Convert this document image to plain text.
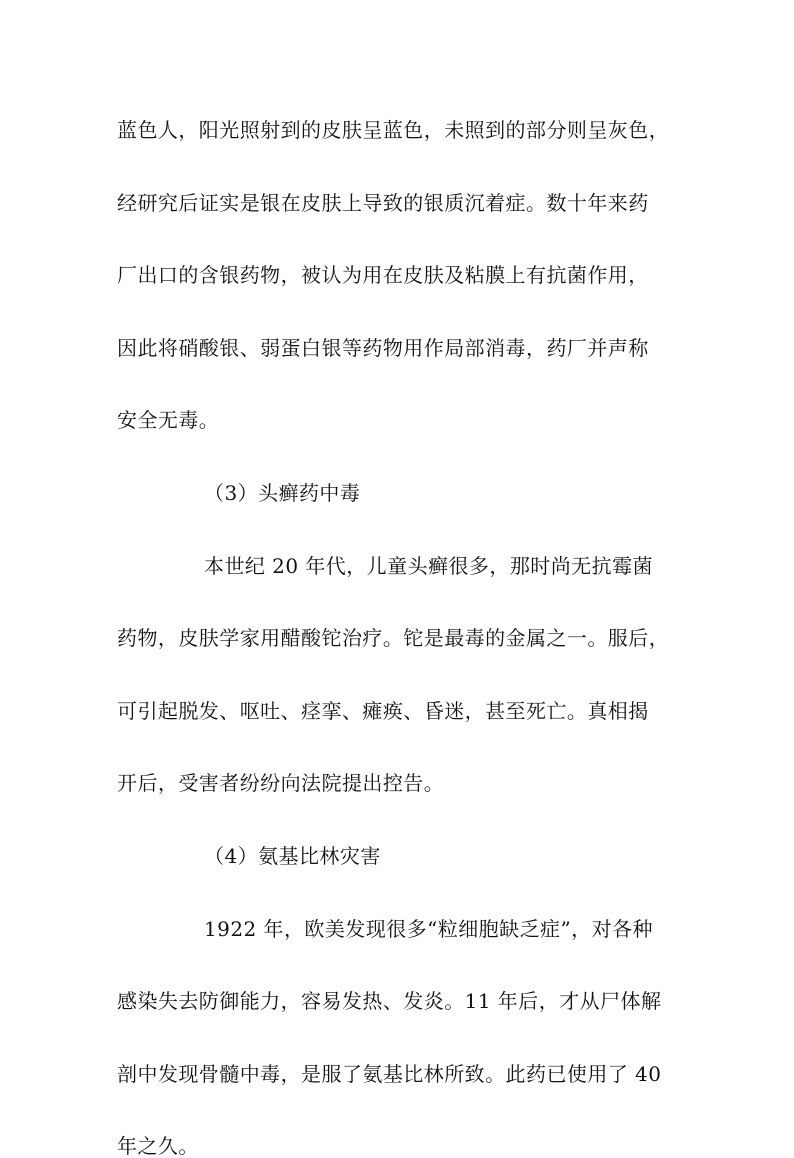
蓝色人，阳光照射到的皮肤呈蓝色，未照到的部分则呈灰色，

经研究后证实是银在皮肤上导致的银质沉着症。数十年来药

厂出口的含银药物，被认为用在皮肤及粘膜上有抗菌作用，

因此将硝酸银、弱蛋白银等药物用作局部消毒，药厂并声称

安全无毒。

（3）头癣药中毒

本世纪 20 年代，儿童头癣很多，那时尚无抗霉菌

药物，皮肤学家用醋酸铊治疗。铊是最毒的金属之一。服后，

可引起脱发、呕吐、痉挛、瘫痪、昏迷，甚至死亡。真相揭

开后，受害者纷纷向法院提出控告。

（4）氨基比林灾害

1922 年，欧美发现很多“粒细胞缺乏症”，对各种

感染失去防御能力，容易发热、发炎。11 年后，才从尸体解

剖中发现骨髓中毒，是服了氨基比林所致。此药已使用了 40

年之久。
